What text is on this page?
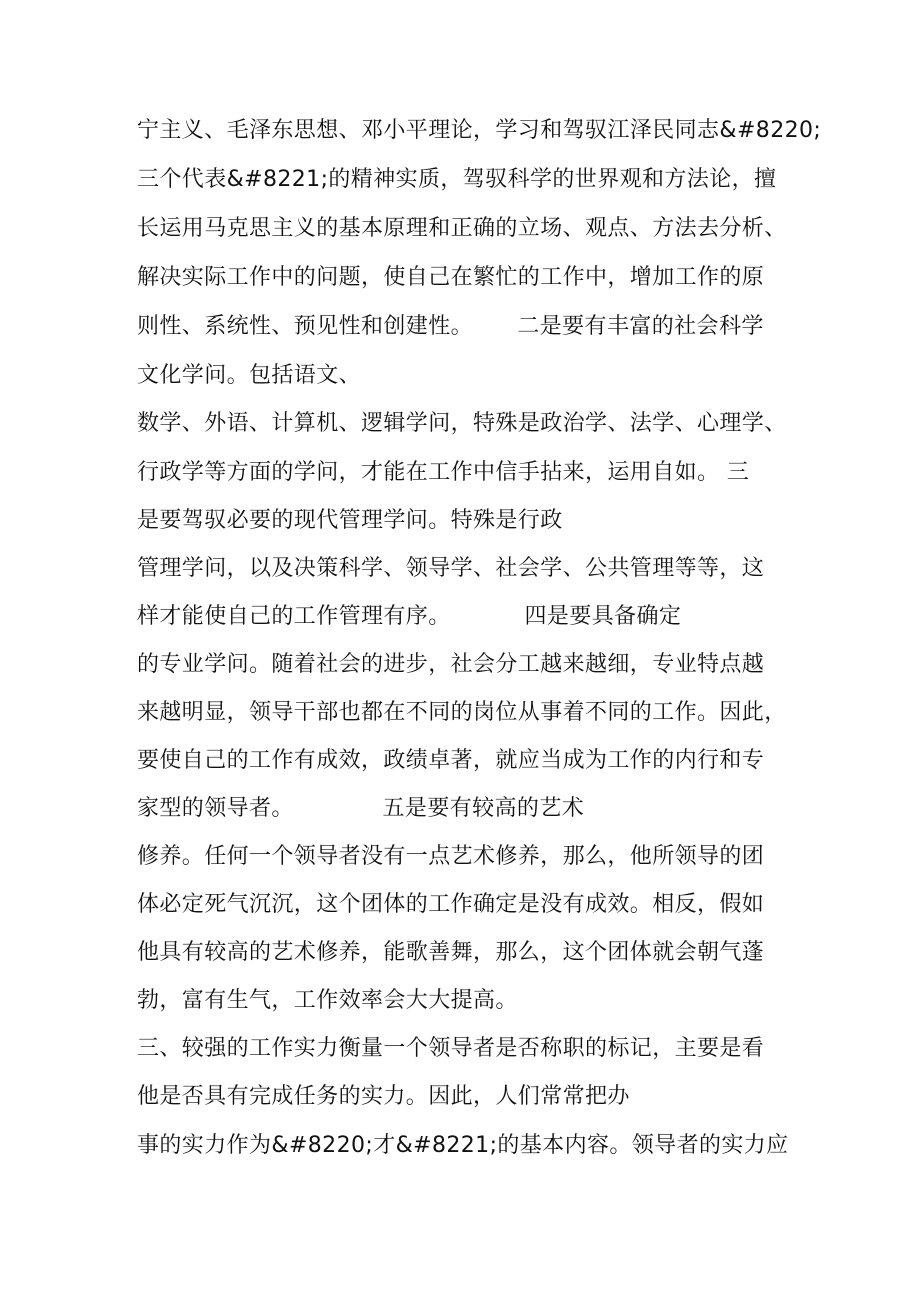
宁主义、毛泽东思想、邓小平理论，学习和驾驭江泽民同志&#8220;
三个代表&#8221;的精神实质，驾驭科学的世界观和方法论，擅
长运用马克思主义的基本原理和正确的立场、观点、方法去分析、
解决实际工作中的问题，使自己在繁忙的工作中，增加工作的原
则性、系统性、预见性和创建性。      二是要有丰富的社会科学
文化学问。包括语文、
数学、外语、计算机、逻辑学问，特殊是政治学、法学、心理学、
行政学等方面的学问，才能在工作中信手拈来，运用自如。 三
是要驾驭必要的现代管理学问。特殊是行政
管理学问，以及决策科学、领导学、社会学、公共管理等等，这
样才能使自己的工作管理有序。          四是要具备确定
的专业学问。随着社会的进步，社会分工越来越细，专业特点越
来越明显，领导干部也都在不同的岗位从事着不同的工作。因此，
要使自己的工作有成效，政绩卓著，就应当成为工作的内行和专
家型的领导者。            五是要有较高的艺术
修养。任何一个领导者没有一点艺术修养，那么，他所领导的团
体必定死气沉沉，这个团体的工作确定是没有成效。相反，假如
他具有较高的艺术修养，能歌善舞，那么，这个团体就会朝气蓬
勃，富有生气，工作效率会大大提高。
三、较强的工作实力衡量一个领导者是否称职的标记，主要是看
他是否具有完成任务的实力。因此，人们常常把办
事的实力作为&#8220;才&#8221;的基本内容。领导者的实力应
